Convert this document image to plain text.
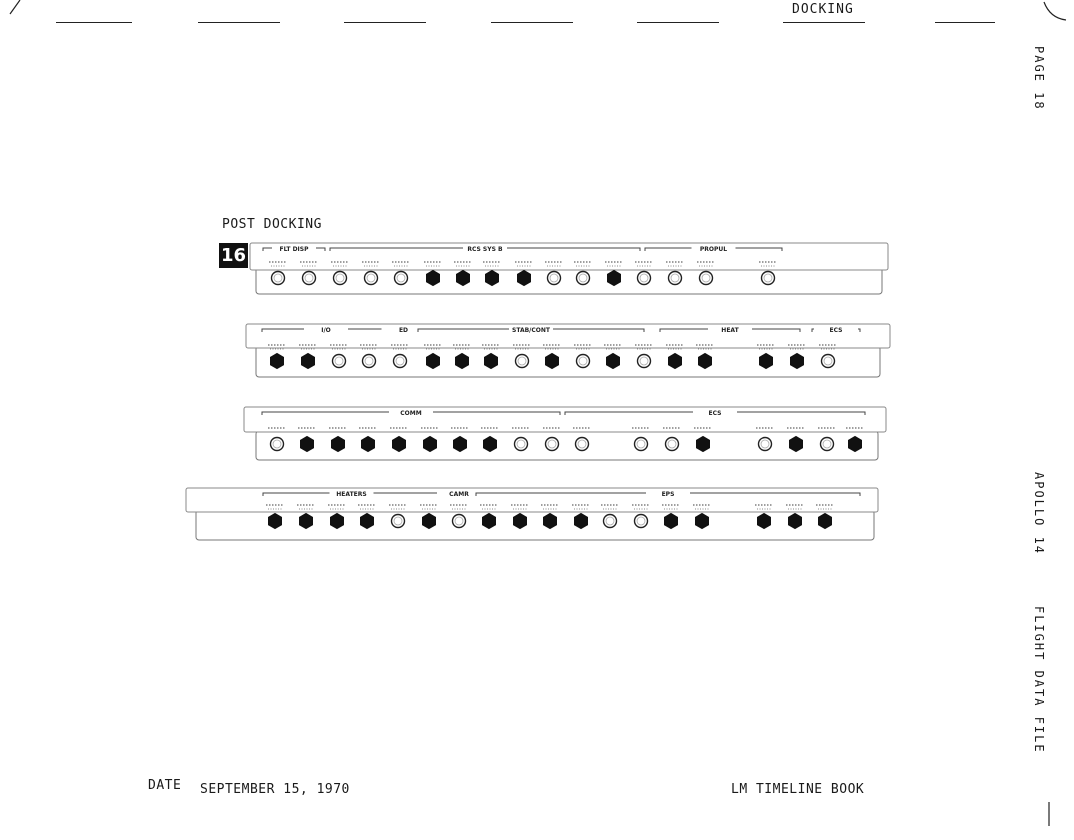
DOCKING
PAGE 18
APOLLO 14
FLIGHT DATA FILE
POST DOCKING
16	FLT DISP	RCS SYS B	PROPUL
I/O	ED	STAB/CONT	HEAT	ECS
COMM	ECS
HEATERS	CAMR	EPS
DATE SEPTEMBER 15, 1970	LM TIMELINE BOOK
